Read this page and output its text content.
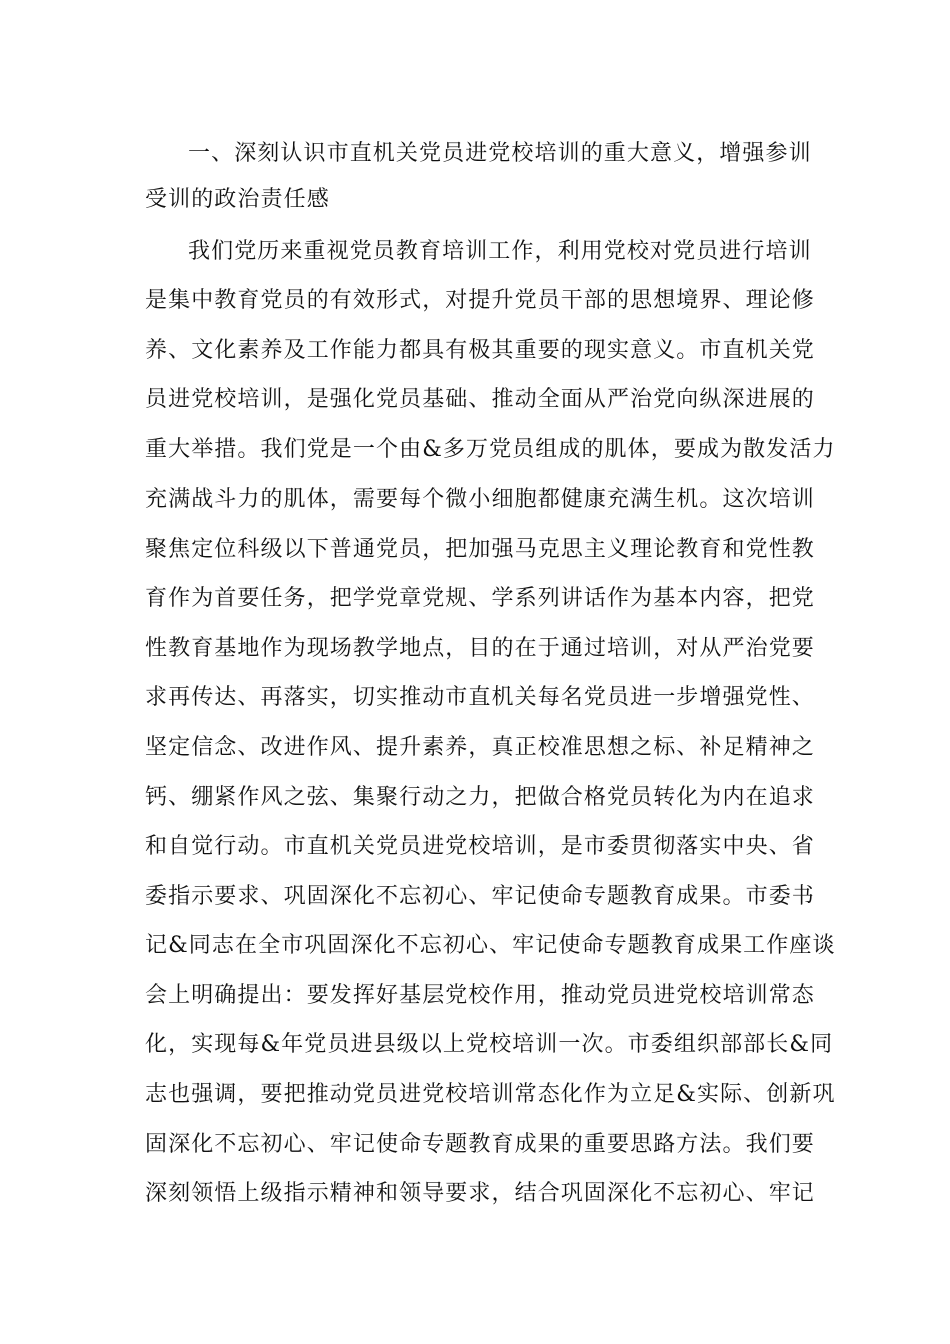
一、深刻认识市直机关党员进党校培训的重大意义，增强参训
受训的政治责任感
我们党历来重视党员教育培训工作，利用党校对党员进行培训
是集中教育党员的有效形式，对提升党员干部的思想境界、理论修
养、文化素养及工作能力都具有极其重要的现实意义。市直机关党
员进党校培训，是强化党员基础、推动全面从严治党向纵深进展的
重大举措。我们党是一个由&多万党员组成的肌体，要成为散发活力
充满战斗力的肌体，需要每个微小细胞都健康充满生机。这次培训
聚焦定位科级以下普通党员，把加强马克思主义理论教育和党性教
育作为首要任务，把学党章党规、学系列讲话作为基本内容，把党
性教育基地作为现场教学地点，目的在于通过培训，对从严治党要
求再传达、再落实，切实推动市直机关每名党员进一步增强党性、
坚定信念、改进作风、提升素养，真正校准思想之标、补足精神之
钙、绷紧作风之弦、集聚行动之力，把做合格党员转化为内在追求
和自觉行动。市直机关党员进党校培训，是市委贯彻落实中央、省
委指示要求、巩固深化不忘初心、牢记使命专题教育成果。市委书
记&同志在全市巩固深化不忘初心、牢记使命专题教育成果工作座谈
会上明确提出：要发挥好基层党校作用，推动党员进党校培训常态
化，实现每&年党员进县级以上党校培训一次。市委组织部部长&同
志也强调，要把推动党员进党校培训常态化作为立足&实际、创新巩
固深化不忘初心、牢记使命专题教育成果的重要思路方法。我们要
深刻领悟上级指示精神和领导要求，结合巩固深化不忘初心、牢记
